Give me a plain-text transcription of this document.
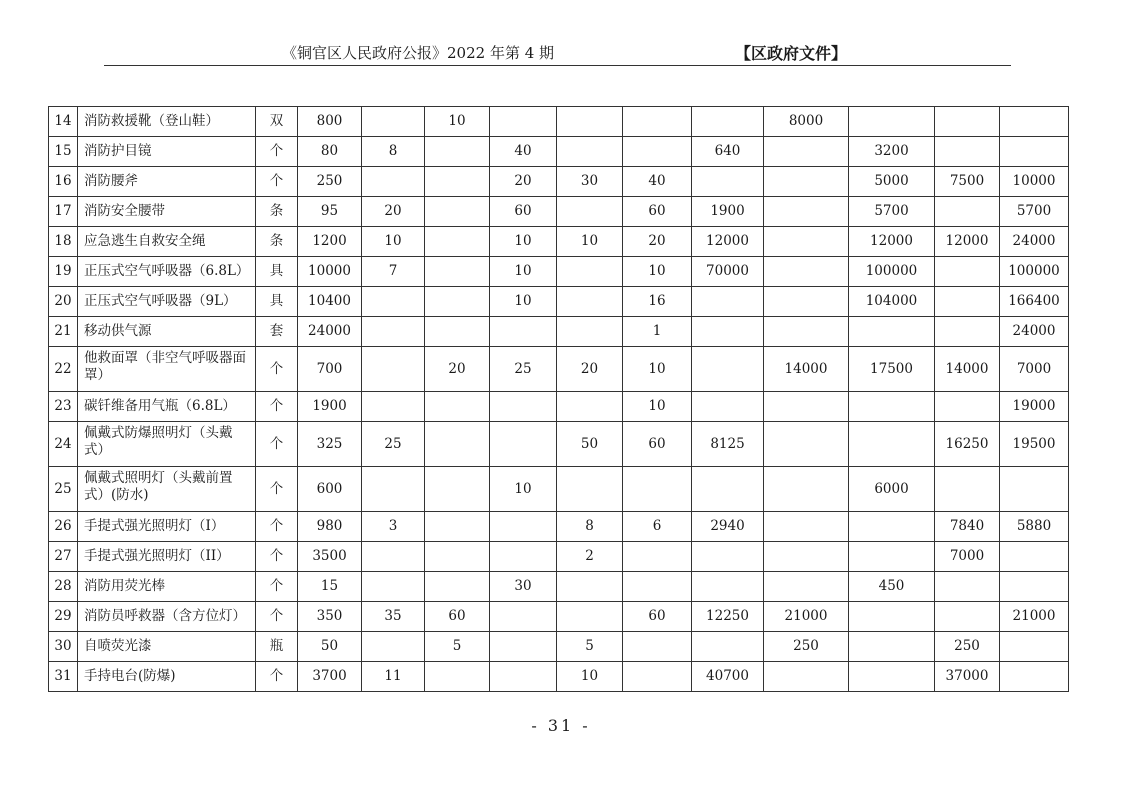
《铜官区人民政府公报》2022 年第 4 期	【区政府文件】
14	消防救援靴（登山鞋）	双	800		10					8000			
15	消防护目镜	个	80	8		40			640		3200		
16	消防腰斧	个	250			20	30	40			5000	7500	10000
17	消防安全腰带	条	95	20		60		60	1900		5700		5700
18	应急逃生自救安全绳	条	1200	10		10	10	20	12000		12000	12000	24000
19	正压式空气呼吸器（6.8L）	具	10000	7		10		10	70000		100000		100000
20	正压式空气呼吸器（9L）	具	10400			10		16			104000		166400
21	移动供气源	套	24000					1					24000
22	他救面罩（非空气呼吸器面罩）	个	700		20	25	20	10		14000	17500	14000	7000
23	碳钎维备用气瓶（6.8L）	个	1900					10					19000
24	佩戴式防爆照明灯（头戴式）	个	325	25			50	60	8125			16250	19500
25	佩戴式照明灯（头戴前置式）(防水)	个	600			10					6000		
26	手提式强光照明灯（I）	个	980	3			8	6	2940			7840	5880
27	手提式强光照明灯（II）	个	3500				2					7000	
28	消防用荧光棒	个	15			30					450		
29	消防员呼救器（含方位灯）	个	350	35	60			60	12250	21000			21000
30	自喷荧光漆	瓶	50		5		5			250		250	
31	手持电台(防爆)	个	3700	11			10		40700			37000	
- 31 -
